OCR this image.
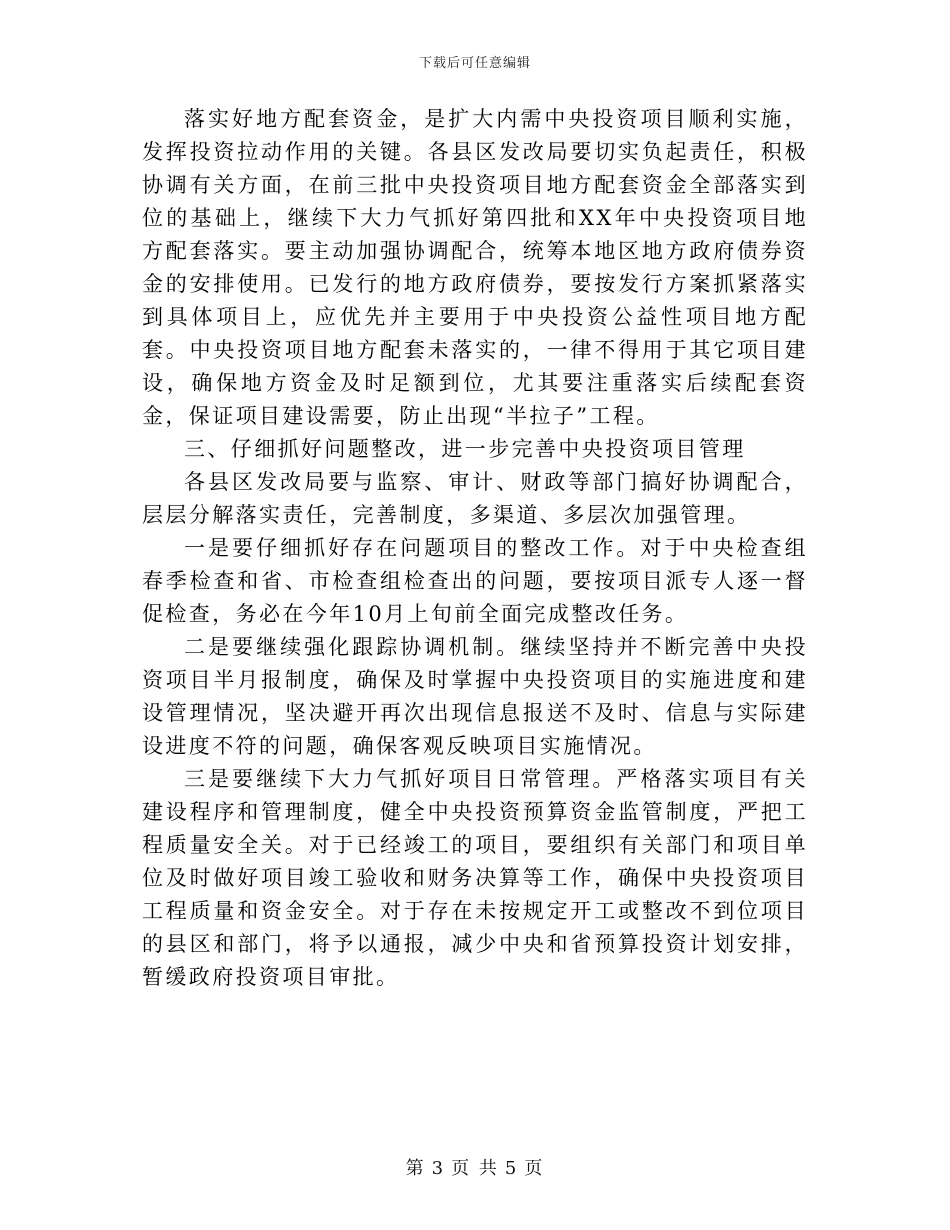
下载后可任意编辑

落实好地方配套资金，是扩大内需中央投资项目顺利实施，发挥投资拉动作用的关键。各县区发改局要切实负起责任，积极协调有关方面，在前三批中央投资项目地方配套资金全部落实到位的基础上，继续下大力气抓好第四批和XX年中央投资项目地方配套落实。要主动加强协调配合，统筹本地区地方政府债券资金的安排使用。已发行的地方政府债券，要按发行方案抓紧落实到具体项目上，应优先并主要用于中央投资公益性项目地方配套。中央投资项目地方配套未落实的，一律不得用于其它项目建设，确保地方资金及时足额到位，尤其要注重落实后续配套资金，保证项目建设需要，防止出现“半拉子”工程。

三、仔细抓好问题整改，进一步完善中央投资项目管理

各县区发改局要与监察、审计、财政等部门搞好协调配合，层层分解落实责任，完善制度，多渠道、多层次加强管理。

一是要仔细抓好存在问题项目的整改工作。对于中央检查组春季检查和省、市检查组检查出的问题，要按项目派专人逐一督促检查，务必在今年10月上旬前全面完成整改任务。

二是要继续强化跟踪协调机制。继续坚持并不断完善中央投资项目半月报制度，确保及时掌握中央投资项目的实施进度和建设管理情况，坚决避开再次出现信息报送不及时、信息与实际建设进度不符的问题，确保客观反映项目实施情况。

三是要继续下大力气抓好项目日常管理。严格落实项目有关建设程序和管理制度，健全中央投资预算资金监管制度，严把工程质量安全关。对于已经竣工的项目，要组织有关部门和项目单位及时做好项目竣工验收和财务决算等工作，确保中央投资项目工程质量和资金安全。对于存在未按规定开工或整改不到位项目的县区和部门，将予以通报，减少中央和省预算投资计划安排，暂缓政府投资项目审批。

第 3 页 共 5 页
